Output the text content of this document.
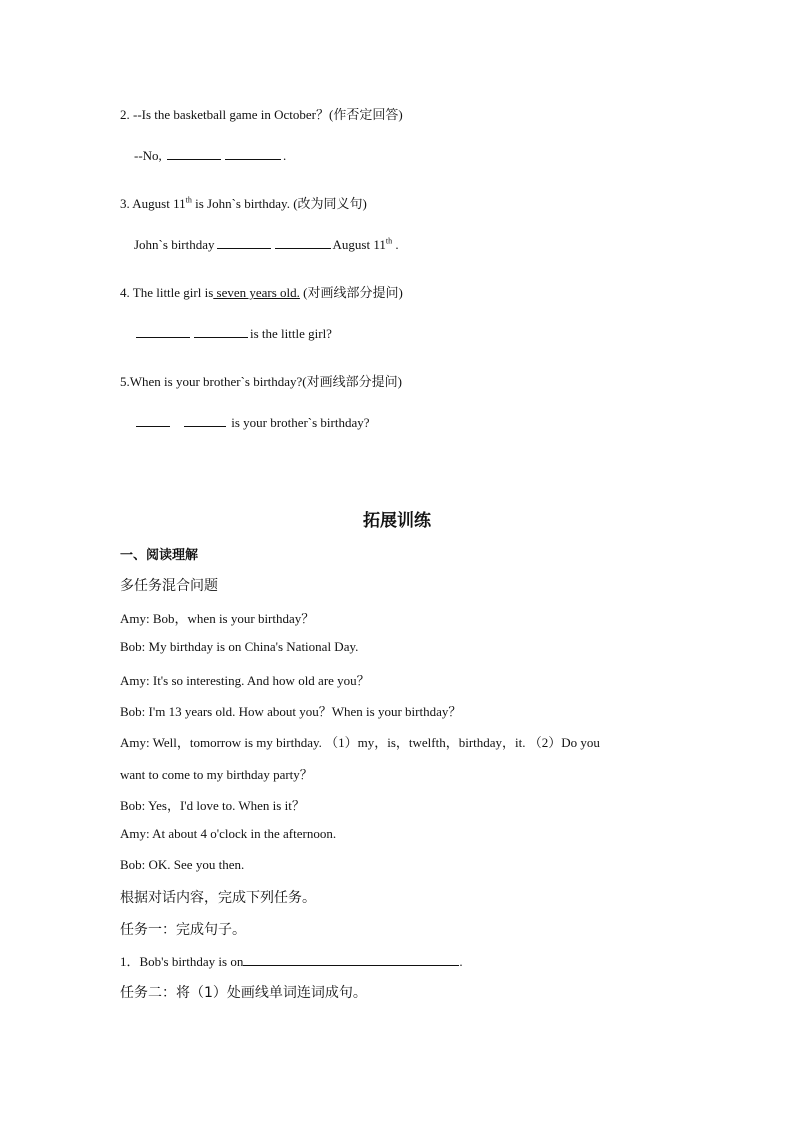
2. --Is the basketball game in October？(作否定回答)
--No,	.
3. August 11th is John`s birthday. (改为同义句)
John`s birthday	August 11th .
4. The little girl is seven years old. (对画线部分提问)
is the little girl?
5.When is your brother`s birthday?(对画线部分提问)
is your brother`s birthday?
拓展训练
一、阅读理解
多任务混合问题
Amy: Bob，when is your birthday？
Bob: My birthday is on China's National Day.
Amy: It's so interesting. And how old are you？
Bob: I'm 13 years old. How about you？When is your birthday？
Amy: Well，tomorrow is my birthday. （1）my，is，twelfth，birthday，it. （2）Do you
want to come to my birthday party？
Bob: Yes，I'd love to. When is it？
Amy: At about 4 o'clock in the afternoon.
Bob: OK. See you then.
根据对话内容，完成下列任务。
任务一：完成句子。
1．Bob's birthday is on	.
任务二：将（1）处画线单词连词成句。
